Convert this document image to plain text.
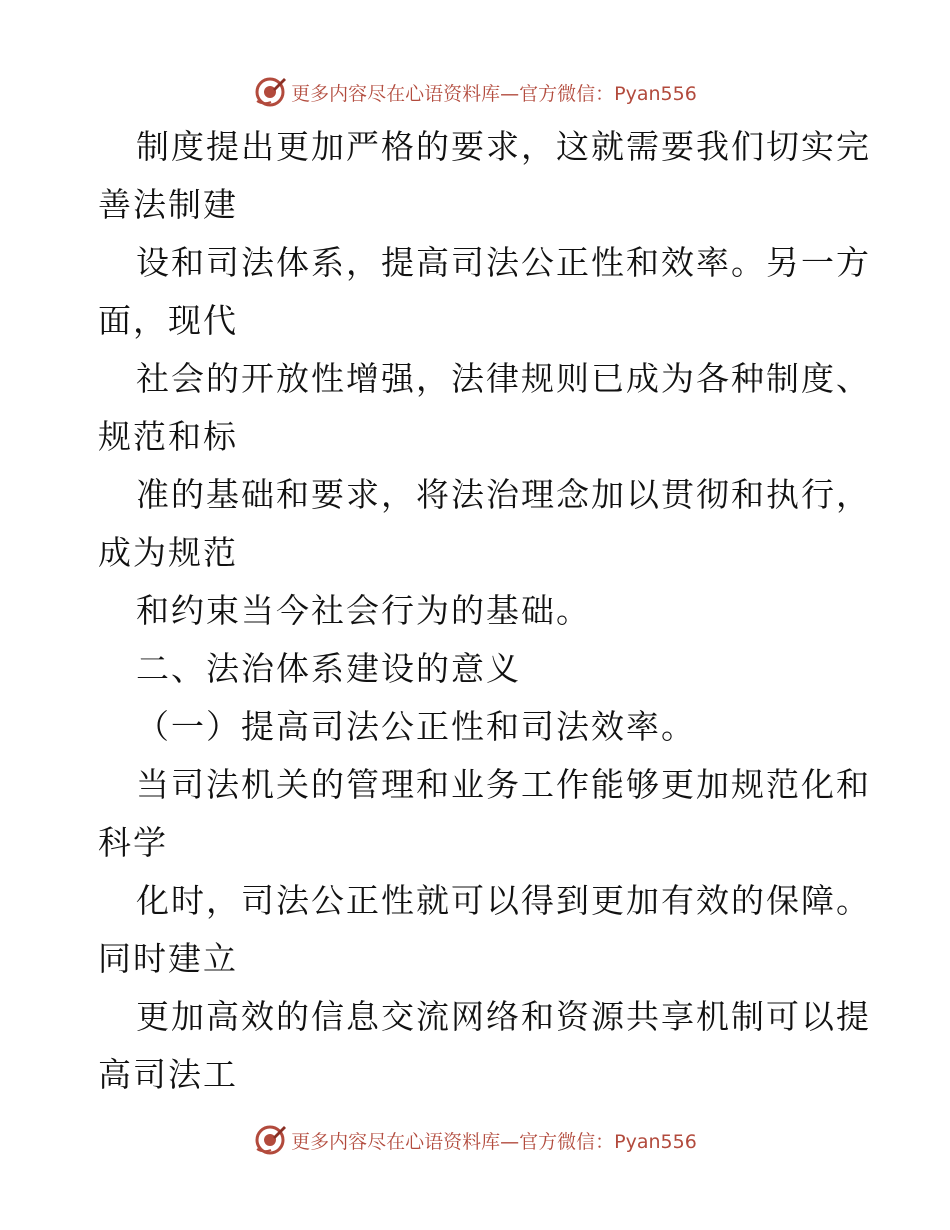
更多内容尽在心语资料库—官方微信：Pyan556
制度提出更加严格的要求，这就需要我们切实完
善法制建
设和司法体系，提高司法公正性和效率。另一方
面，现代
社会的开放性增强，法律规则已成为各种制度、
规范和标
准的基础和要求，将法治理念加以贯彻和执行，
成为规范
和约束当今社会行为的基础。
二、法治体系建设的意义
（一）提高司法公正性和司法效率。
当司法机关的管理和业务工作能够更加规范化和
科学
化时，司法公正性就可以得到更加有效的保障。
同时建立
更加高效的信息交流网络和资源共享机制可以提
高司法工
更多内容尽在心语资料库—官方微信：Pyan556
